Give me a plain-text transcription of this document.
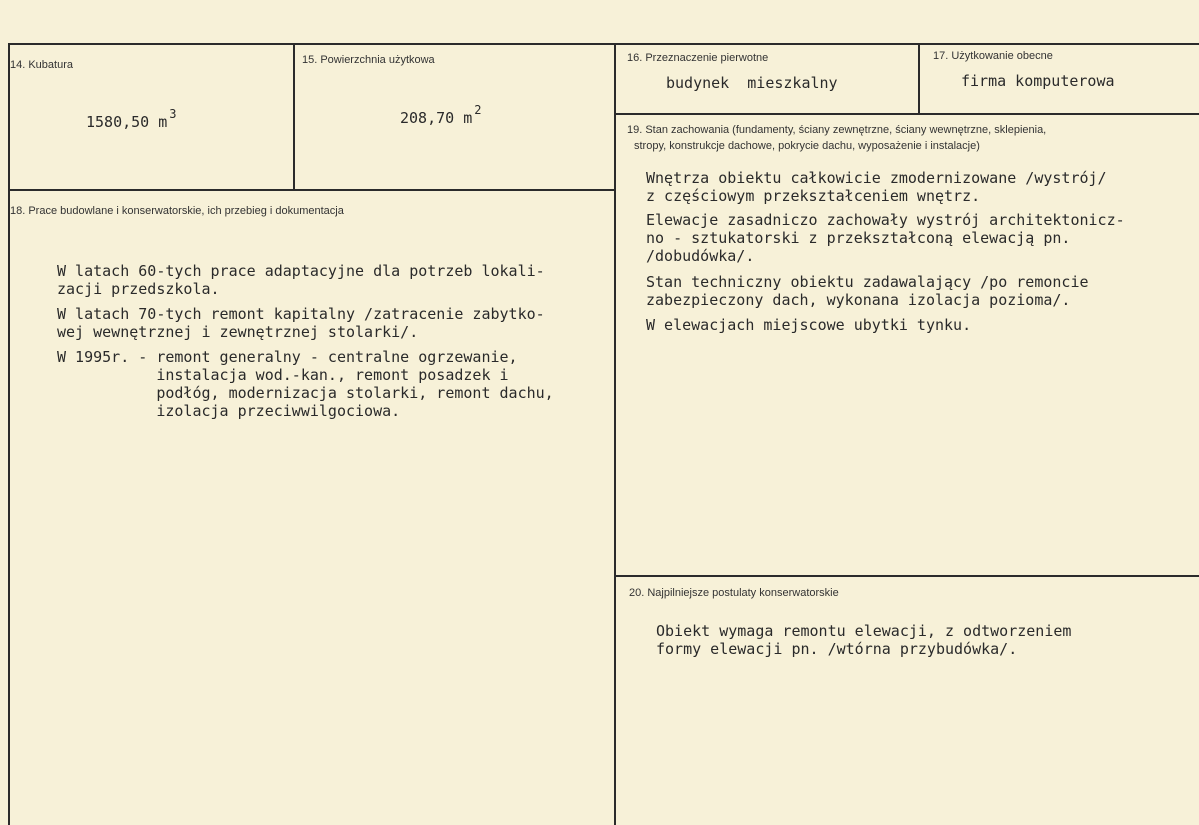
14. Kubatura
1580,50 m $^3$
15. Powierzchnia użytkowa
208,70 m $^2$
16. Przeznaczenie pierwotne
budynek  mieszkalny
17. Użytkowanie obecne
firma komputerowa
18. Prace budowlane i konserwatorskie, ich przebieg i dokumentacja
W latach 60-tych prace adaptacyjne dla potrzeb lokali-
zacji przedszkola.
W latach 70-tych remont kapitalny /zatracenie zabytko-
wej wewnętrznej i zewnętrznej stolarki/.
W 1995r. - remont generalny - centralne ogrzewanie,
instalacja wod.-kan., remont posadzek i
podłóg, modernizacja stolarki, remont dachu,
izolacja przeciwwilgociowa.
19. Stan zachowania (fundamenty, ściany zewnętrzne, ściany wewnętrzne, sklepienia,
stropy, konstrukcje dachowe, pokrycie dachu, wyposażenie i instalacje)
Wnętrza obiektu całkowicie zmodernizowane /wystrój/
z częściowym przekształceniem wnętrz.
Elewacje zasadniczo zachowały wystrój architektonicz-
no - sztukatorski z przekształconą elewacją pn.
/dobudówka/.
Stan techniczny obiektu zadawalający /po remoncie
zabezpieczony dach, wykonana izolacja pozioma/.
W elewacjach miejscowe ubytki tynku.
20. Najpilniejsze postulaty konserwatorskie
Obiekt wymaga remontu elewacji, z odtworzeniem
formy elewacji pn. /wtórna przybudówka/.
